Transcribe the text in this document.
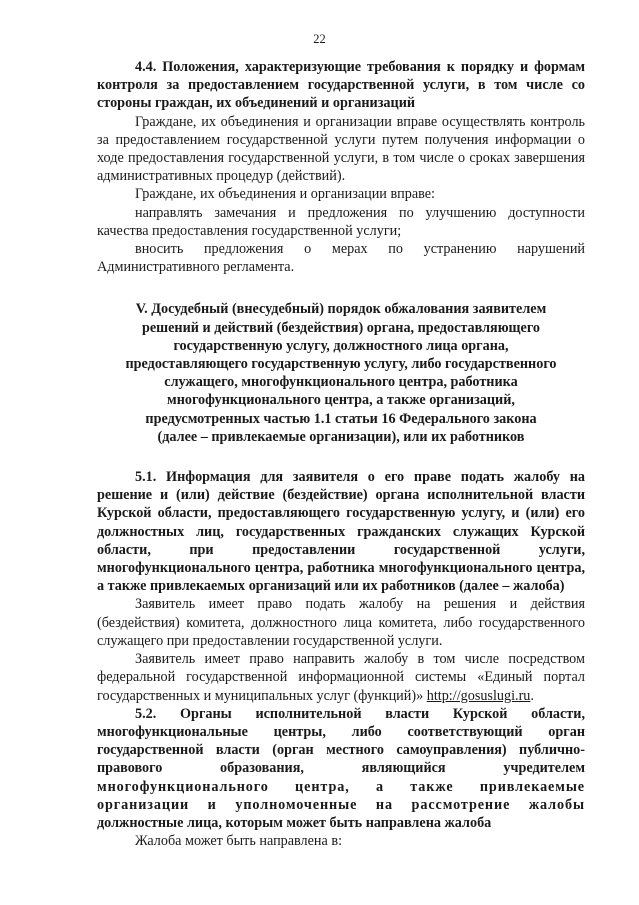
22

4.4. Положения, характеризующие требования к порядку и формам контроля за предоставлением государственной услуги, в том числе со стороны граждан, их объединений и организаций

Граждане, их объединения и организации вправе осуществлять контроль за предоставлением государственной услуги путем получения информации о ходе предоставления государственной услуги, в том числе о сроках завершения административных процедур (действий).

Граждане, их объединения и организации вправе:

направлять замечания и предложения по улучшению доступности качества предоставления государственной услуги;

вносить предложения о мерах по устранению нарушений Административного регламента.

V. Досудебный (внесудебный) порядок обжалования заявителем

решений и действий (бездействия) органа, предоставляющего

государственную услугу, должностного лица органа,

предоставляющего государственную услугу, либо государственного

служащего, многофункционального центра, работника

многофункционального центра, а также организаций,

предусмотренных частью 1.1 статьи 16 Федерального закона

(далее – привлекаемые организации), или их работников

5.1. Информация для заявителя о его праве подать жалобу на решение и (или) действие (бездействие) органа исполнительной власти Курской области, предоставляющего государственную услугу, и (или) его должностных лиц, государственных гражданских служащих Курской области, при предоставлении государственной услуги, многофункционального центра, работника многофункционального центра, а также привлекаемых организаций или их работников (далее – жалоба)

Заявитель имеет право подать жалобу на решения и действия (бездействия) комитета, должностного лица комитета, либо государственного служащего при предоставлении государственной услуги.

Заявитель имеет право направить жалобу в том числе посредством федеральной государственной информационной системы «Единый портал государственных и муниципальных услуг (функций)» http://gosuslugi.ru.

5.2. Органы исполнительной власти Курской области, многофункциональные центры, либо соответствующий орган государственной власти (орган местного самоуправления) публично-правового образования, являющийся учредителем многофункционального центра, а также привлекаемые организации и уполномоченные на рассмотрение жалобы должностные лица, которым может быть направлена жалоба

Жалоба может быть направлена в:
